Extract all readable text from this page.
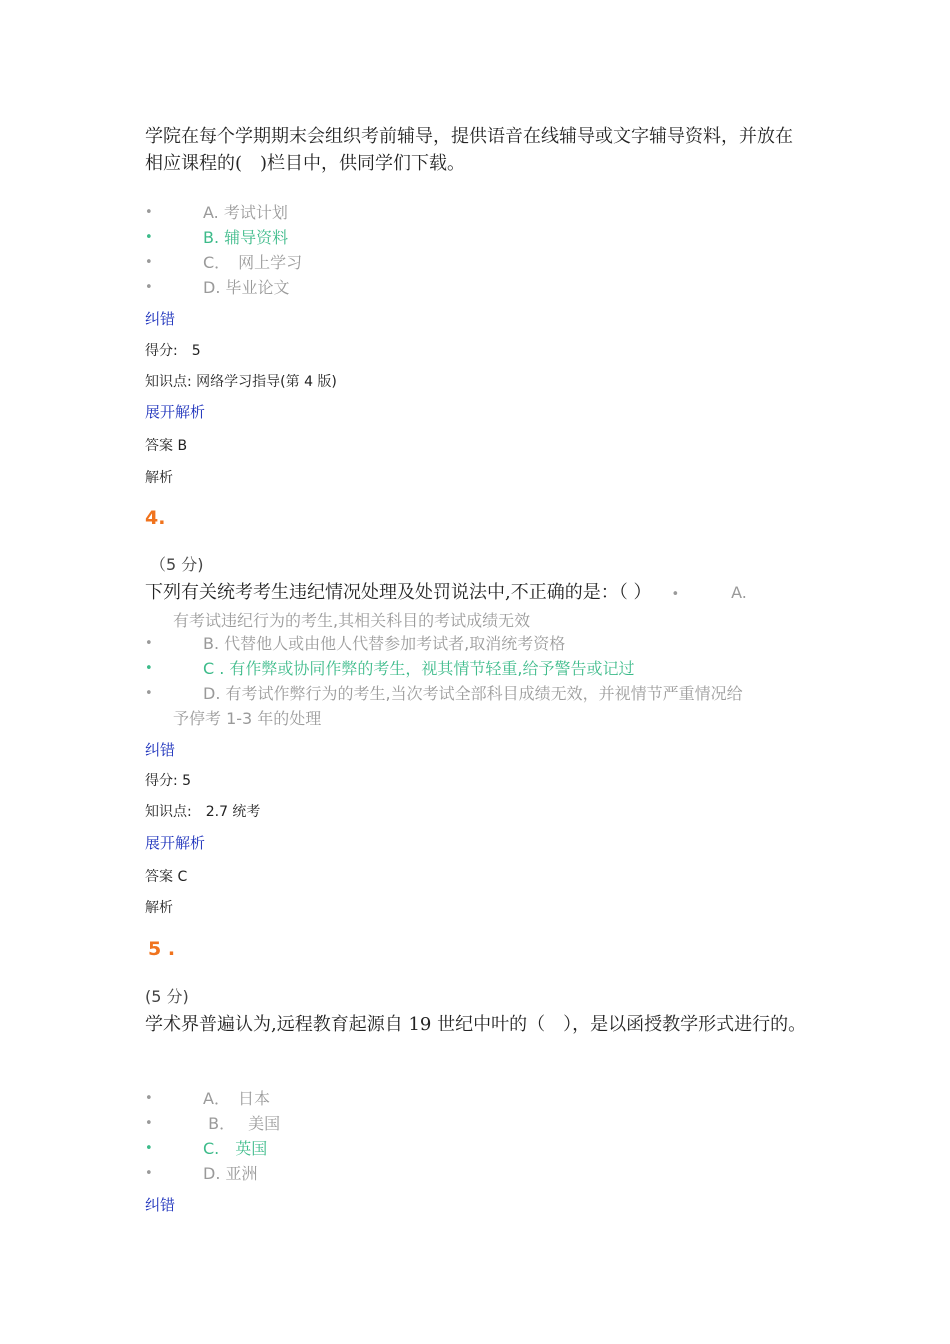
学院在每个学期期末会组织考前辅导，提供语音在线辅导或文字辅导资料，并放在相应课程的(　)栏目中，供同学们下载。
•	A. 考试计划
•	B. 辅导资料
•	C．　网上学习
•	D. 毕业论文
纠错
得分:　5
知识点: 网络学习指导(第 4 版)
展开解析
答案 B
解析
4.
（5 分)
下列有关统考考生违纪情况处理及处罚说法中,不正确的是：（ ） •	A.
有考试违纪行为的考生,其相关科目的考试成绩无效
•	B. 代替他人或由他人代替参加考试者,取消统考资格
•	C . 有作弊或协同作弊的考生，视其情节轻重,给予警告或记过
•	D. 有考试作弊行为的考生,当次考试全部科目成绩无效，并视情节严重情况给
予停考 1-3 年的处理
纠错
得分: 5
知识点:　2.7 统考
展开解析
答案 C
解析
5 .
(5 分)
学术界普遍认为,远程教育起源自 19 世纪中叶的（　），是以函授教学形式进行的。
•	A．　日本
•	B．　 美国
•	C.　英国
•	D. 亚洲
纠错
